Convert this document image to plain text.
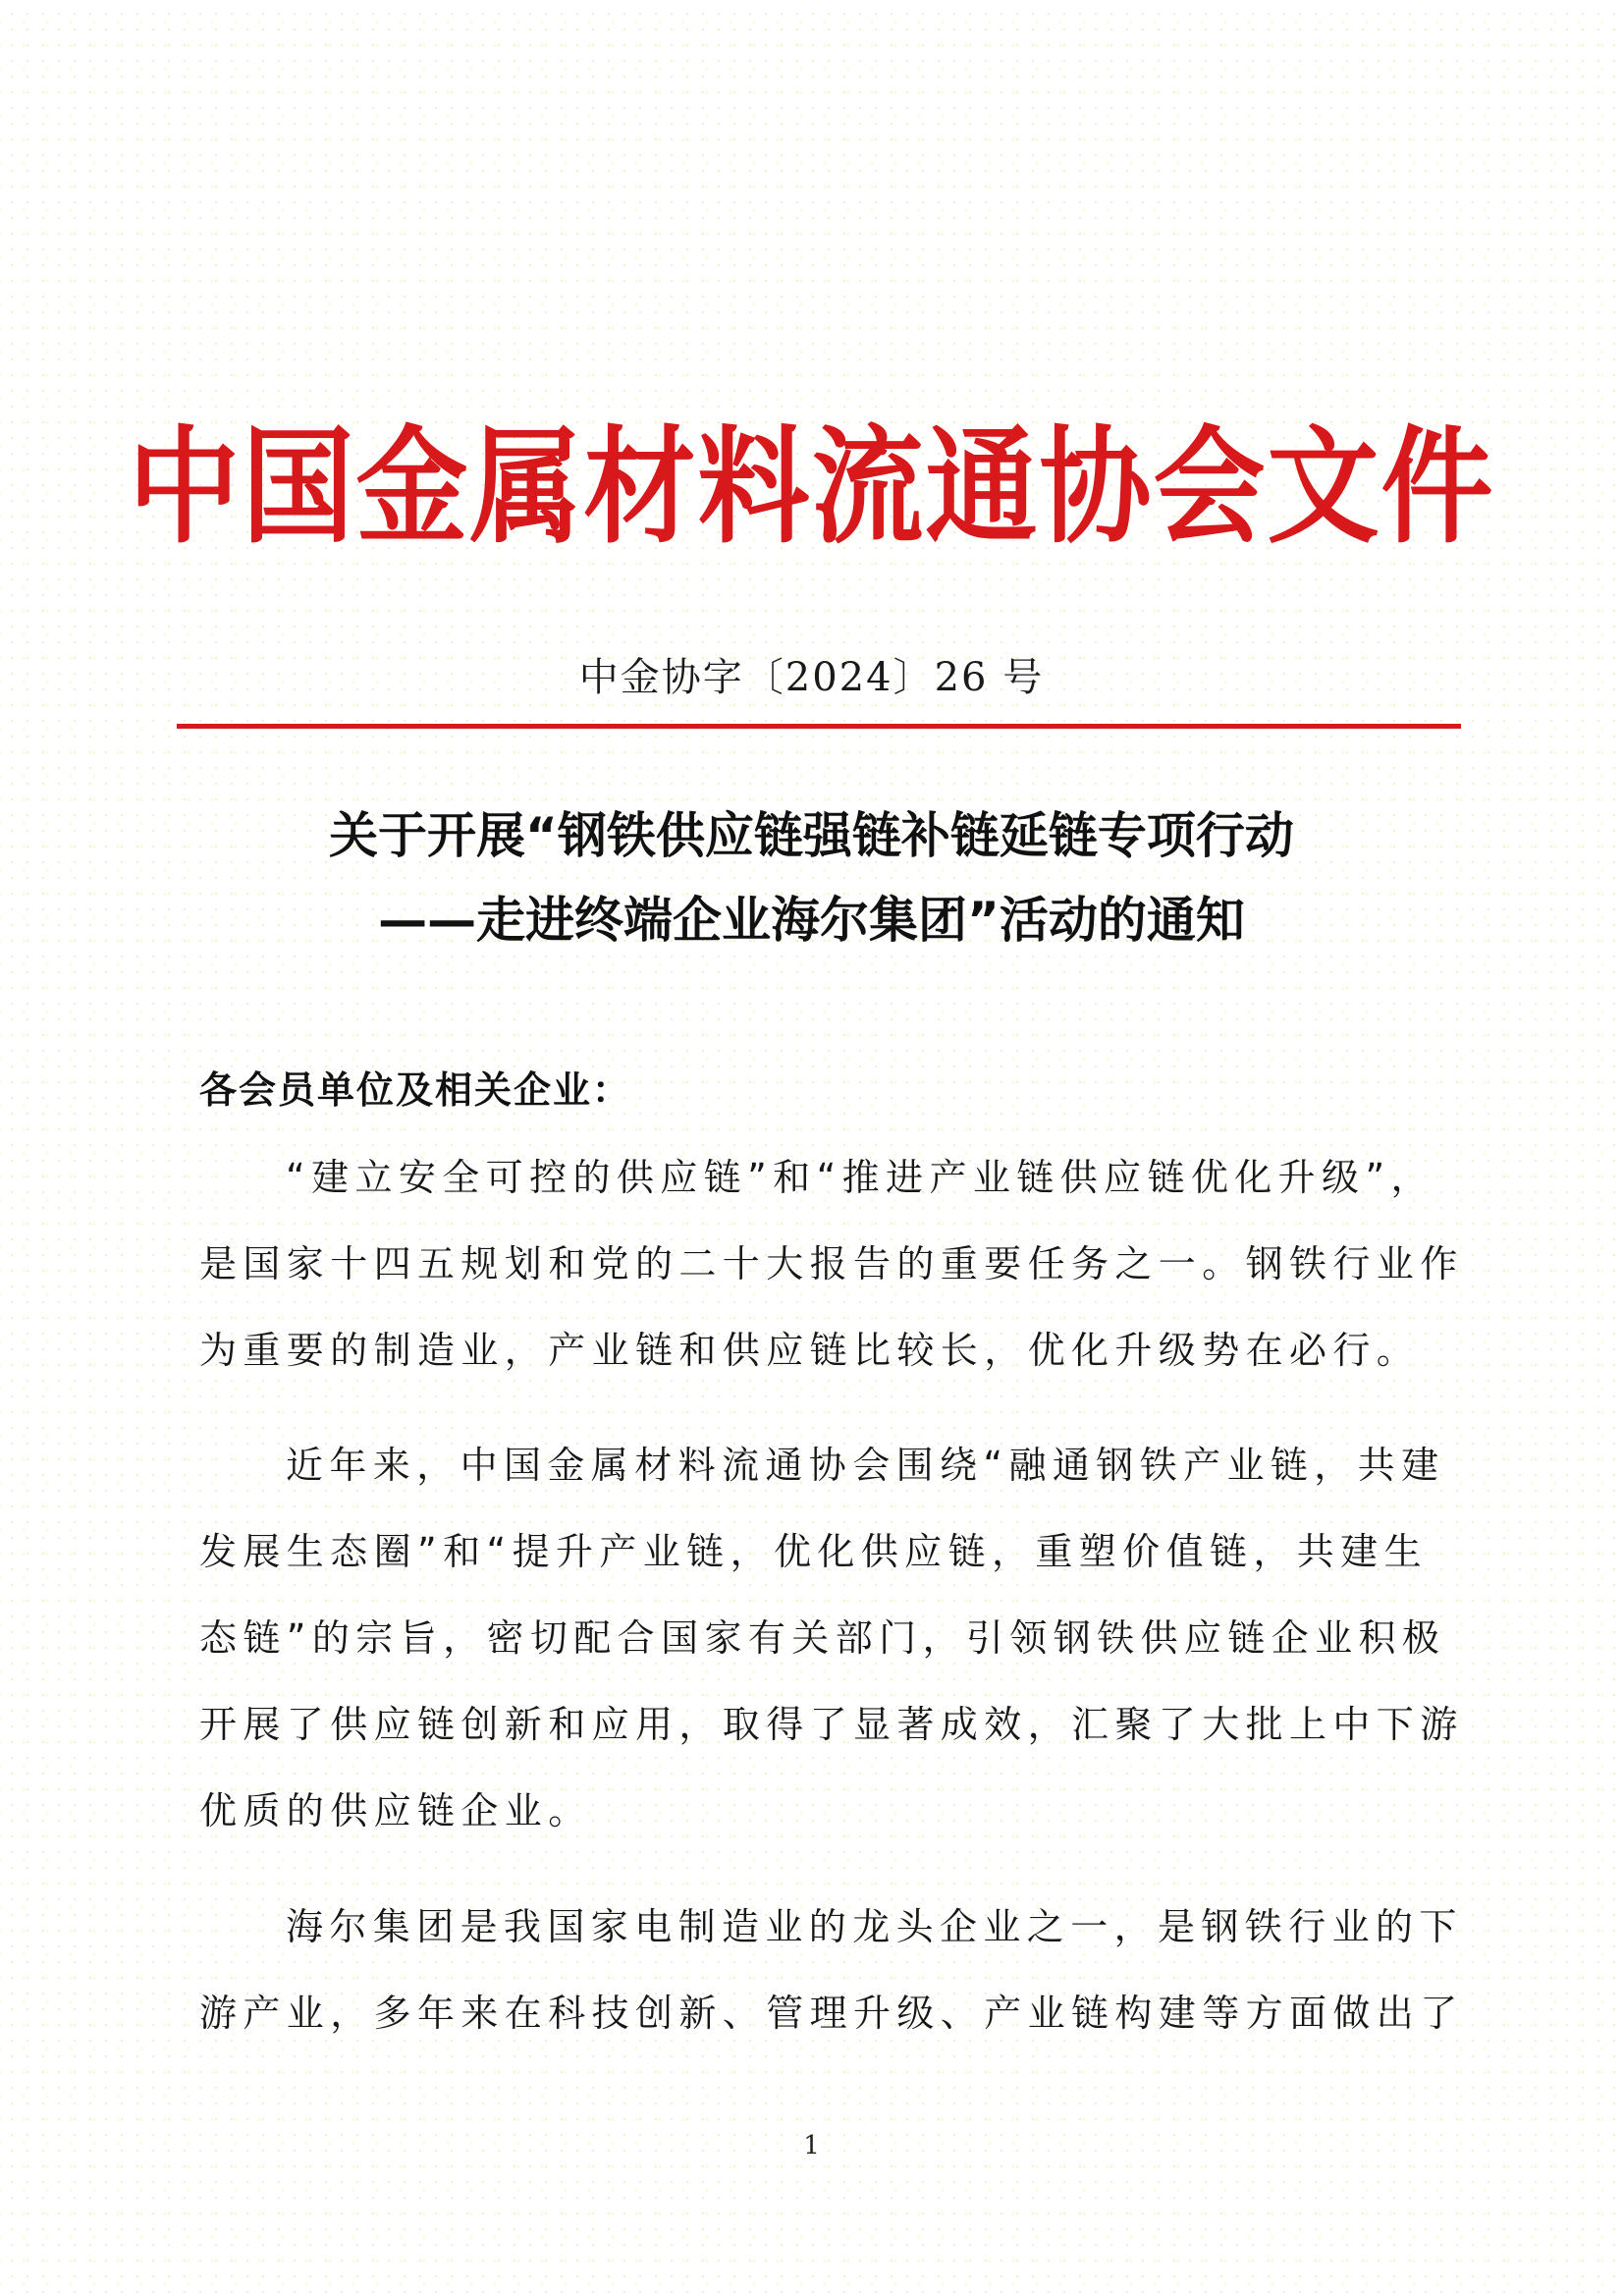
中国金属材料流通协会文件
中金协字〔2024〕26 号
关于开展“钢铁供应链强链补链延链专项行动
——走进终端企业海尔集团”活动的通知
各会员单位及相关企业：
“建立安全可控的供应链”和“推进产业链供应链优化升级”，
是国家十四五规划和党的二十大报告的重要任务之一。钢铁行业作
为重要的制造业，产业链和供应链比较长，优化升级势在必行。
近年来，中国金属材料流通协会围绕“融通钢铁产业链，共建
发展生态圈”和“提升产业链，优化供应链，重塑价值链，共建生
态链”的宗旨，密切配合国家有关部门，引领钢铁供应链企业积极
开展了供应链创新和应用，取得了显著成效，汇聚了大批上中下游
优质的供应链企业。
海尔集团是我国家电制造业的龙头企业之一，是钢铁行业的下
游产业，多年来在科技创新、管理升级、产业链构建等方面做出了
1
